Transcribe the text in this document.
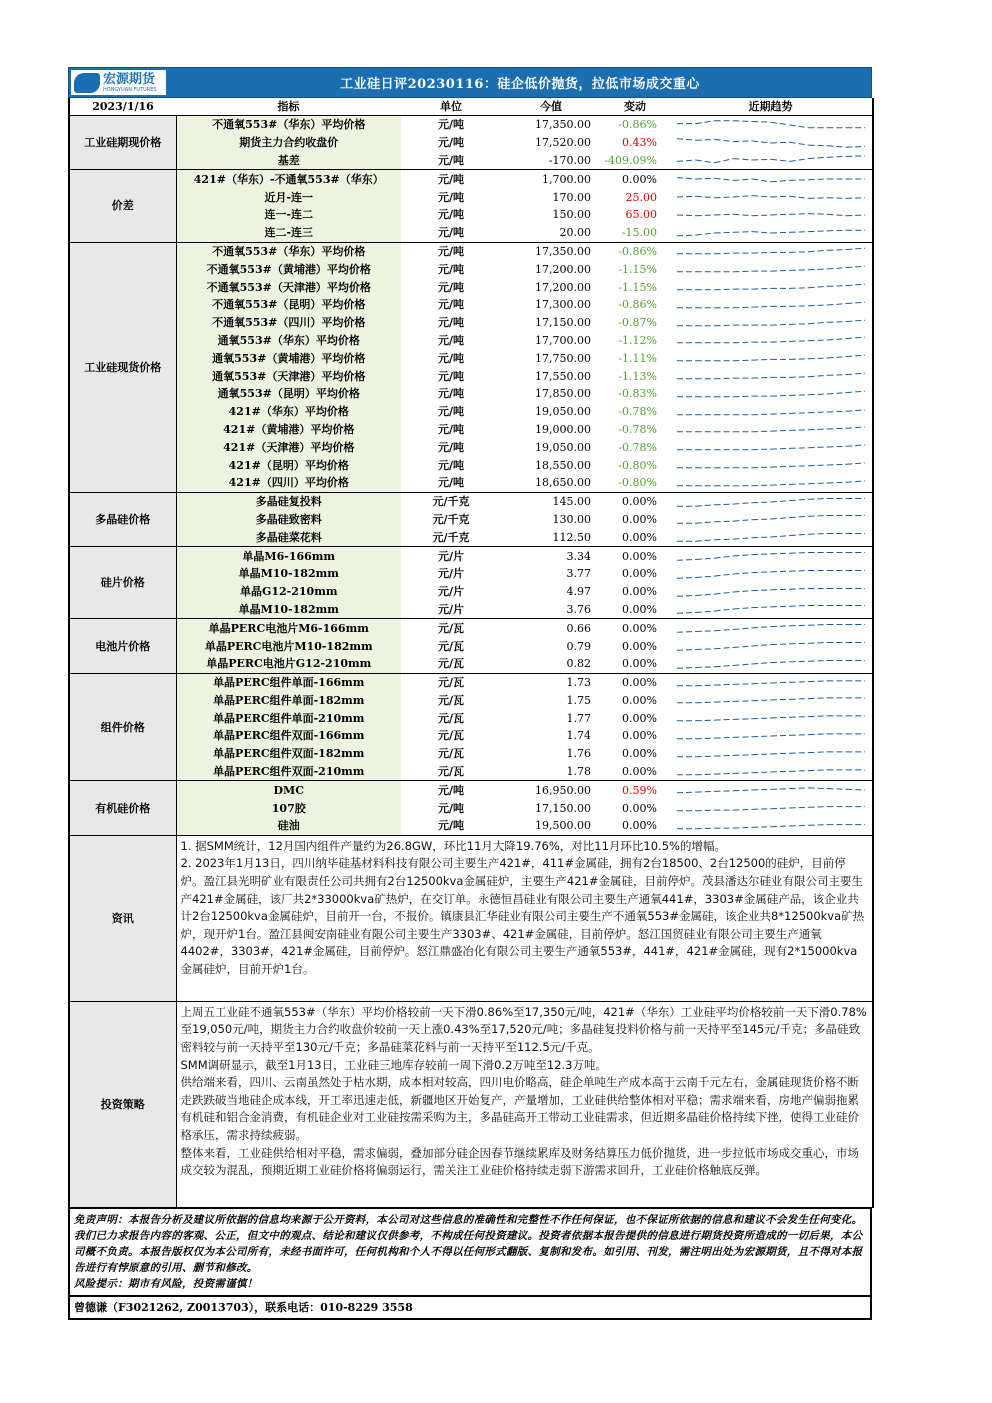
宏源期货
HONGYUAN FUTURES	工业硅日评20230116：硅企低价抛货，拉低市场成交重心
2023/1/16	指标	单位	今值	变动	近期趋势
工业硅期现价格	不通氧553#（华东）平均价格	元/吨	17,350.00	-0.86%	

	期货主力合约收盘价	元/吨	17,520.00	0.43%	

	基差	元/吨	-170.00	-409.09%	

价差	421#（华东）-不通氧553#（华东）	元/吨	1,700.00	0.00%	

	近月-连一	元/吨	170.00	25.00	

	连一-连二	元/吨	150.00	65.00	

	连二-连三	元/吨	20.00	-15.00	

工业硅现货价格	不通氧553#（华东）平均价格	元/吨	17,350.00	-0.86%	

	不通氧553#（黄埔港）平均价格	元/吨	17,200.00	-1.15%	

	不通氧553#（天津港）平均价格	元/吨	17,200.00	-1.15%	

	不通氧553#（昆明）平均价格	元/吨	17,300.00	-0.86%	

	不通氧553#（四川）平均价格	元/吨	17,150.00	-0.87%	

	通氧553#（华东）平均价格	元/吨	17,700.00	-1.12%	

	通氧553#（黄埔港）平均价格	元/吨	17,750.00	-1.11%	

	通氧553#（天津港）平均价格	元/吨	17,550.00	-1.13%	

	通氧553#（昆明）平均价格	元/吨	17,850.00	-0.83%	

	421#（华东）平均价格	元/吨	19,050.00	-0.78%	

	421#（黄埔港）平均价格	元/吨	19,000.00	-0.78%	

	421#（天津港）平均价格	元/吨	19,050.00	-0.78%	

	421#（昆明）平均价格	元/吨	18,550.00	-0.80%	

	421#（四川）平均价格	元/吨	18,650.00	-0.80%	

多晶硅价格	多晶硅复投料	元/千克	145.00	0.00%	

	多晶硅致密料	元/千克	130.00	0.00%	

	多晶硅菜花料	元/千克	112.50	0.00%	

硅片价格	单晶M6-166mm	元/片	3.34	0.00%	

	单晶M10-182mm	元/片	3.77	0.00%	

	单晶G12-210mm	元/片	4.97	0.00%	

	单晶M10-182mm	元/片	3.76	0.00%	

电池片价格	单晶PERC电池片M6-166mm	元/瓦	0.66	0.00%	

	单晶PERC电池片M10-182mm	元/瓦	0.79	0.00%	

	单晶PERC电池片G12-210mm	元/瓦	0.82	0.00%	

组件价格	单晶PERC组件单面-166mm	元/瓦	1.73	0.00%	

	单晶PERC组件单面-182mm	元/瓦	1.75	0.00%	

	单晶PERC组件单面-210mm	元/瓦	1.77	0.00%	

	单晶PERC组件双面-166mm	元/瓦	1.74	0.00%	

	单晶PERC组件双面-182mm	元/瓦	1.76	0.00%	

	单晶PERC组件双面-210mm	元/瓦	1.78	0.00%	

有机硅价格	DMC	元/吨	16,950.00	0.59%	

	107胶	元/吨	17,150.00	0.00%	

	硅油	元/吨	19,500.00	0.00%	

资讯	1. 据SMM统计，12月国内组件产量约为26.8GW，环比11月大降19.76%，对比11月环比10.5%的增幅。

2. 2023年1月13日，四川纳毕硅基材料科技有限公司主要生产421#，411#金属硅，拥有2台18500、2台12500的硅炉，目前停炉。盈江县光明矿业有限责任公司共拥有2台12500kva金属硅炉，主要生产421#金属硅，目前停炉。茂县潘达尔硅业有限公司主要生产421#金属硅，该厂共2*33000kva矿热炉，在交订单。永德恒昌硅业有限公司主要生产通氧441#，3303#金属硅产品，该企业共计2台12500kva金属硅炉，目前开一台，不报价。镇康县汇华硅业有限公司主要生产不通氧553#金属硅，该企业共8*12500kva矿热炉，现开炉1台。盈江县闽安南硅业有限公司主要生产3303#、421#金属硅，目前停炉。怒江国贸硅业有限公司主要生产通氧4402#，3303#，421#金属硅，目前停炉。怒江鼎盛冶化有限公司主要生产通氧553#，441#，421#金属硅，现有2*15000kva金属硅炉，目前开炉1台。				

投资策略	上周五工业硅不通氧553#（华东）平均价格较前一天下滑0.86%至17,350元/吨，421#（华东）工业硅平均价格较前一天下滑0.78%至19,050元/吨，期货主力合约收盘价较前一天上涨0.43%至17,520元/吨；多晶硅复投料价格与前一天持平至145元/千克；多晶硅致密料较与前一天持平至130元/千克；多晶硅菜花料与前一天持平至112.5元/千克。

SMM调研显示，截至1月13日，工业硅三地库存较前一周下滑0.2万吨至12.3万吨。

供给端来看，四川、云南虽然处于枯水期，成本相对较高，四川电价略高，硅企单吨生产成本高于云南千元左右，金属硅现货价格不断走跌跌破当地硅企成本线，开工率迅速走低，新疆地区开始复产，产量增加，工业硅供给整体相对平稳；需求端来看，房地产偏弱拖累有机硅和铝合金消费，有机硅企业对工业硅按需采购为主，多晶硅高开工带动工业硅需求，但近期多晶硅价格持续下挫，使得工业硅价格承压，需求持续疲弱。

整体来看，工业硅供给相对平稳，需求偏弱，叠加部分硅企因春节继续累库及财务结算压力低价抛货，进一步拉低市场成交重心，市场成交较为混乱，预期近期工业硅价格将偏弱运行，需关注工业硅价格持续走弱下游需求回升，工业硅价格触底反弹。				

免责声明：本报告分析及建议所依据的信息均来源于公开资料，本公司对这些信息的准确性和完整性不作任何保证，也不保证所依据的信息和建议不会发生任何变化。我们已力求报告内容的客观、公正，但文中的观点、结论和建议仅供参考，不构成任何投资建议。投资者依据本报告提供的信息进行期货投资所造成的一切后果，本公司概不负责。本报告版权仅为本公司所有，未经书面许可，任何机构和个人不得以任何形式翻版、复制和发布。如引用、刊发，需注明出处为宏源期货，且不得对本报告进行有悖原意的引用、删节和修改。
风险提示：期市有风险，投资需谨慎！
曾德谦（F3021262, Z0013703），联系电话：010-8229 3558
